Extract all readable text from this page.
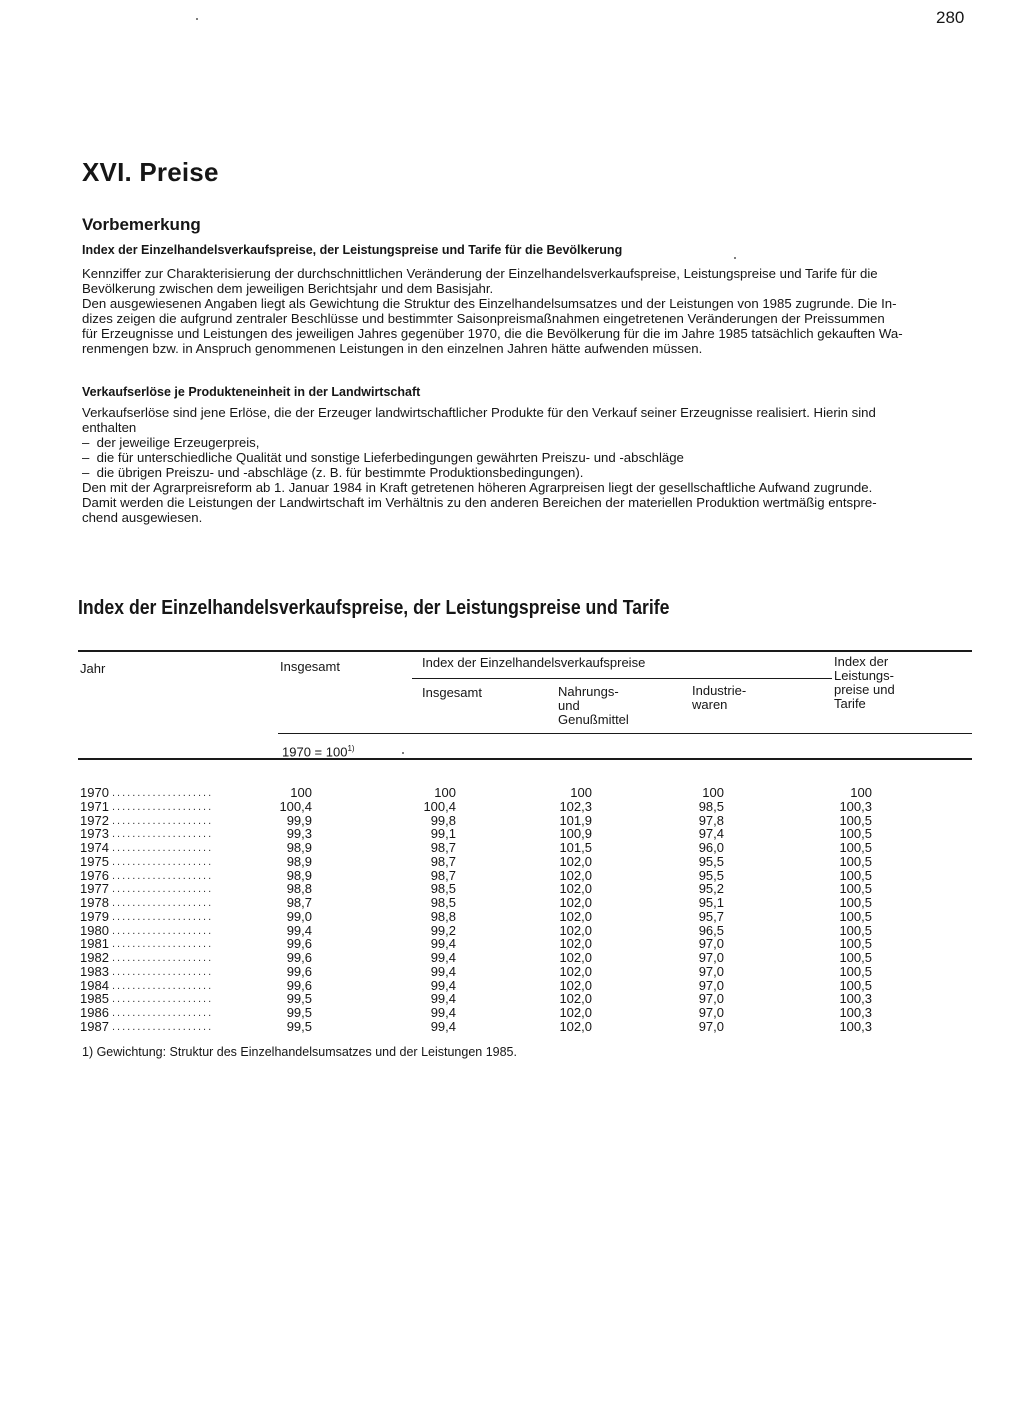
280
XVI. Preise
Vorbemerkung
Index der Einzelhandelsverkaufspreise, der Leistungspreise und Tarife für die Bevölkerung
Kennziffer zur Charakterisierung der durchschnittlichen Veränderung der Einzelhandelsverkaufspreise, Leistungspreise und Tarife für die
Bevölkerung zwischen dem jeweiligen Berichtsjahr und dem Basisjahr.
Den ausgewiesenen Angaben liegt als Gewichtung die Struktur des Einzelhandelsumsatzes und der Leistungen von 1985 zugrunde. Die In-
dizes zeigen die aufgrund zentraler Beschlüsse und bestimmter Saisonpreismaßnahmen eingetretenen Veränderungen der Preissummen
für Erzeugnisse und Leistungen des jeweiligen Jahres gegenüber 1970, die die Bevölkerung für die im Jahre 1985 tatsächlich gekauften Wa-
renmengen bzw. in Anspruch genommenen Leistungen in den einzelnen Jahren hätte aufwenden müssen.
Verkaufserlöse je Produkteneinheit in der Landwirtschaft
Verkaufserlöse sind jene Erlöse, die der Erzeuger landwirtschaftlicher Produkte für den Verkauf seiner Erzeugnisse realisiert. Hierin sind
enthalten
–  der jeweilige Erzeugerpreis,
–  die für unterschiedliche Qualität und sonstige Lieferbedingungen gewährten Preiszu- und -abschläge
–  die übrigen Preiszu- und -abschläge (z. B. für bestimmte Produktionsbedingungen).
Den mit der Agrarpreisreform ab 1. Januar 1984 in Kraft getretenen höheren Agrarpreisen liegt der gesellschaftliche Aufwand zugrunde.
Damit werden die Leistungen der Landwirtschaft im Verhältnis zu den anderen Bereichen der materiellen Produktion wertmäßig entspre-
chend ausgewiesen.
Index der Einzelhandelsverkaufspreise, der Leistungspreise und Tarife
Jahr	Insgesamt	Index der Einzelhandelsverkaufspreise
Insgesamt	Nahrungs-
und
Genußmittel
Industrie-
waren
Index der
Leistungs-
preise und
Tarife
$1970 = 100^{1)}$
1970 ....................	100	100	100	100	100
1971 ....................	100,4	100,4	102,3	98,5	100,3
1972 ....................	99,9	99,8	101,9	97,8	100,5
1973 ....................	99,3	99,1	100,9	97,4	100,5
1974 ....................	98,9	98,7	101,5	96,0	100,5
1975 ....................	98,9	98,7	102,0	95,5	100,5
1976 ....................	98,9	98,7	102,0	95,5	100,5
1977 ....................	98,8	98,5	102,0	95,2	100,5
1978 ....................	98,7	98,5	102,0	95,1	100,5
1979 ....................	99,0	98,8	102,0	95,7	100,5
1980 ....................	99,4	99,2	102,0	96,5	100,5
1981 ....................	99,6	99,4	102,0	97,0	100,5
1982 ....................	99,6	99,4	102,0	97,0	100,5
1983 ....................	99,6	99,4	102,0	97,0	100,5
1984 ....................	99,6	99,4	102,0	97,0	100,5
1985 ....................	99,5	99,4	102,0	97,0	100,3
1986 ....................	99,5	99,4	102,0	97,0	100,3
1987 ....................	99,5	99,4	102,0	97,0	100,3
1) Gewichtung: Struktur des Einzelhandelsumsatzes und der Leistungen 1985.
